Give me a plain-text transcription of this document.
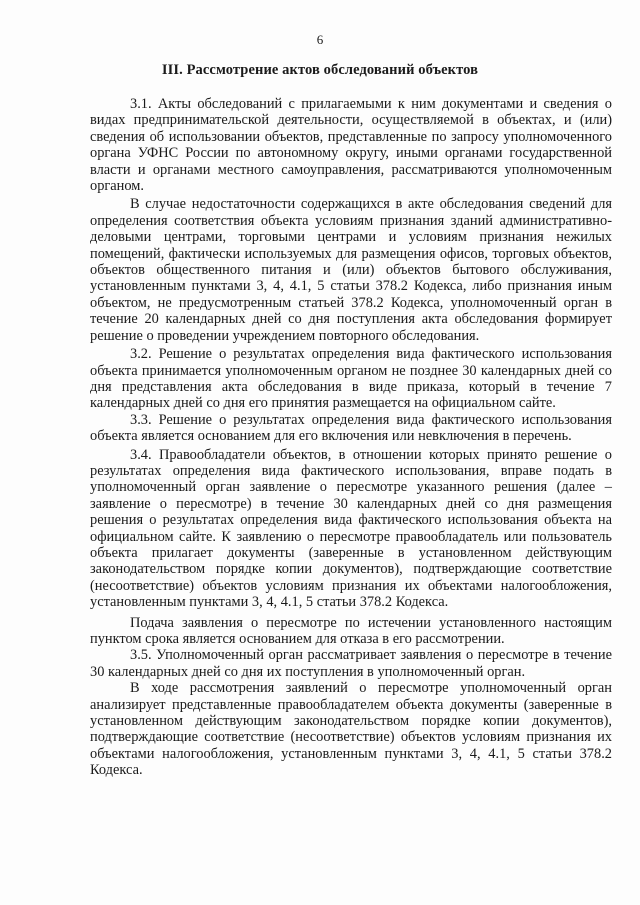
6
III. Рассмотрение актов обследований объектов

3.1. Акты обследований с прилагаемыми к ним документами и сведения о видах предпринимательской деятельности, осуществляемой в объектах, и (или) сведения об использовании объектов, представленные по запросу уполномоченного органа УФНС России по автономному округу, иными органами государственной власти и органами местного самоуправления, рассматриваются уполномоченным органом.

В случае недостаточности содержащихся в акте обследования сведений для определения соответствия объекта условиям признания зданий административно-деловыми центрами, торговыми центрами и условиям признания нежилых помещений, фактически используемых для размещения офисов, торговых объектов, объектов общественного питания и (или) объектов бытового обслуживания, установленным пунктами 3, 4, 4.1, 5 статьи 378.2 Кодекса, либо признания иным объектом, не предусмотренным статьей 378.2 Кодекса, уполномоченный орган в течение 20 календарных дней со дня поступления акта обследования формирует решение о проведении учреждением повторного обследования.

3.2. Решение о результатах определения вида фактического использования объекта принимается уполномоченным органом не позднее 30 календарных дней со дня представления акта обследования в виде приказа, который в течение 7 календарных дней со дня его принятия размещается на официальном сайте.

3.3. Решение о результатах определения вида фактического использования объекта является основанием для его включения или невключения в перечень.

3.4. Правообладатели объектов, в отношении которых принято решение о результатах определения вида фактического использования, вправе подать в уполномоченный орган заявление о пересмотре указанного решения (далее – заявление о пересмотре) в течение 30 календарных дней со дня размещения решения о результатах определения вида фактического использования объекта на официальном сайте. К заявлению о пересмотре правообладатель или пользователь объекта прилагает документы (заверенные в установленном действующим законодательством порядке копии документов), подтверждающие соответствие (несоответствие) объектов условиям признания их объектами налогообложения, установленным пунктами 3, 4, 4.1, 5 статьи 378.2 Кодекса.

Подача заявления о пересмотре по истечении установленного настоящим пунктом срока является основанием для отказа в его рассмотрении.

3.5. Уполномоченный орган рассматривает заявления о пересмотре в течение 30 календарных дней со дня их поступления в уполномоченный орган.

В ходе рассмотрения заявлений о пересмотре уполномоченный орган анализирует представленные правообладателем объекта документы (заверенные в установленном действующим законодательством порядке копии документов), подтверждающие соответствие (несоответствие) объектов условиям признания их объектами налогообложения, установленным пунктами 3, 4, 4.1, 5 статьи 378.2 Кодекса.
